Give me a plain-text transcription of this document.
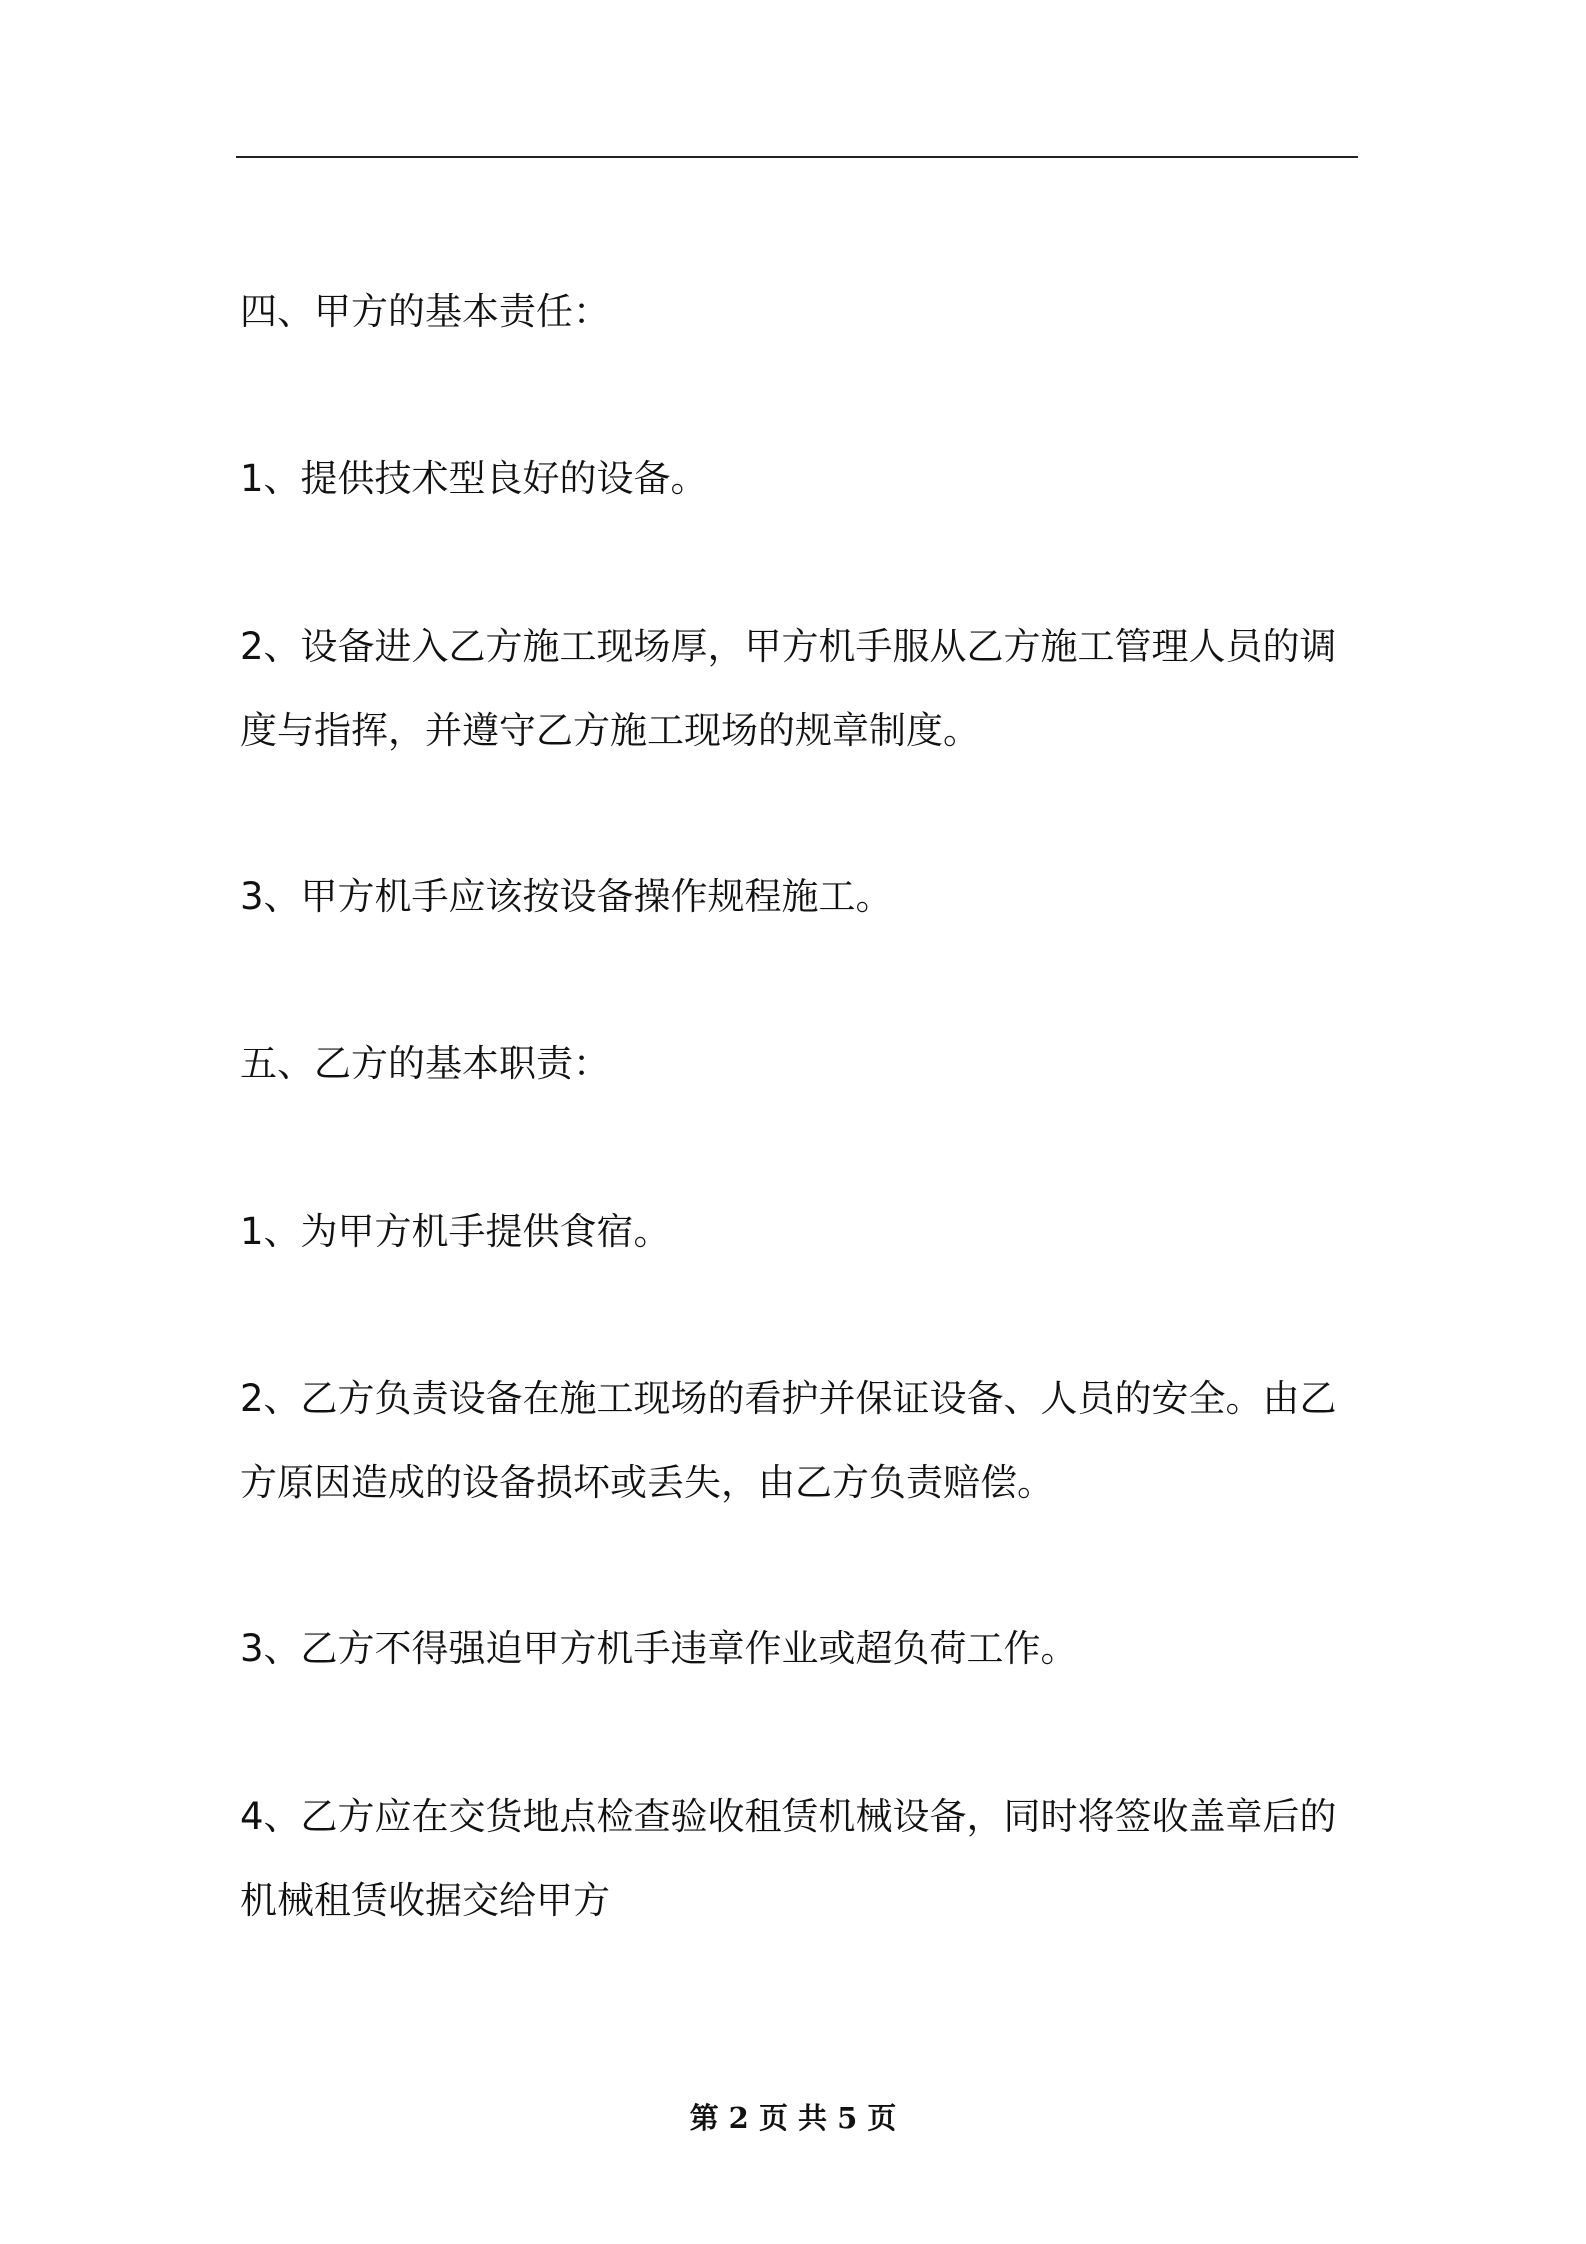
四、甲方的基本责任：

1、提供技术型良好的设备。

2、设备进入乙方施工现场厚，甲方机手服从乙方施工管理人员的调度与指挥，并遵守乙方施工现场的规章制度。

3、甲方机手应该按设备操作规程施工。

五、乙方的基本职责：

1、为甲方机手提供食宿。

2、乙方负责设备在施工现场的看护并保证设备、人员的安全。由乙方原因造成的设备损坏或丢失，由乙方负责赔偿。

3、乙方不得强迫甲方机手违章作业或超负荷工作。

4、乙方应在交货地点检查验收租赁机械设备，同时将签收盖章后的机械租赁收据交给甲方

第 2 页 共 5 页
